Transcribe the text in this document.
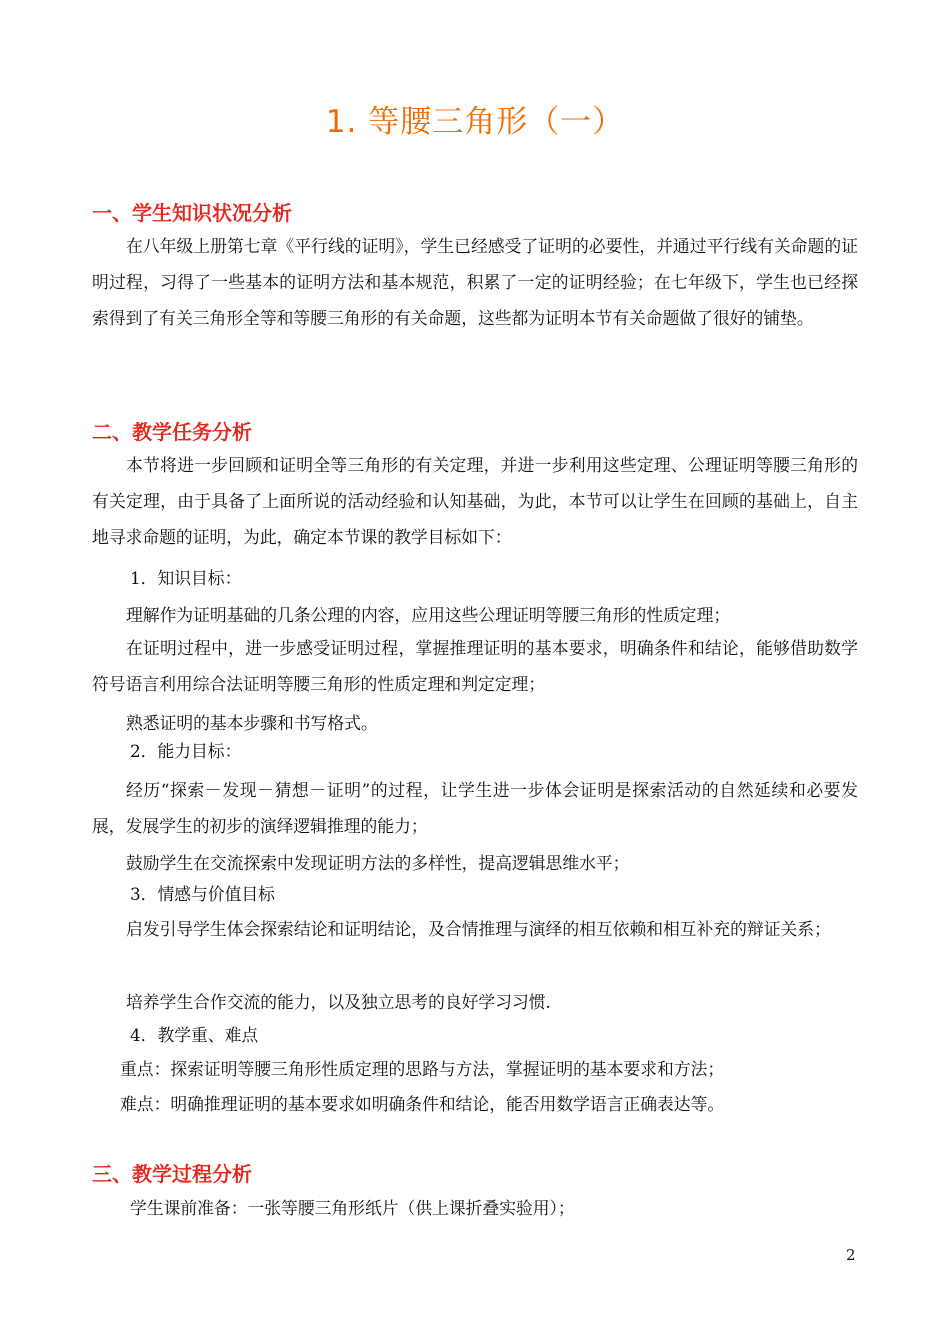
1. 等腰三角形（一）
一、学生知识状况分析

在八年级上册第七章《平行线的证明》，学生已经感受了证明的必要性，并通过平行线有关命题的证明过程，习得了一些基本的证明方法和基本规范，积累了一定的证明经验；在七年级下，学生也已经探索得到了有关三角形全等和等腰三角形的有关命题，这些都为证明本节有关命题做了很好的铺垫。

二、教学任务分析

本节将进一步回顾和证明全等三角形的有关定理，并进一步利用这些定理、公理证明等腰三角形的有关定理，由于具备了上面所说的活动经验和认知基础，为此，本节可以让学生在回顾的基础上，自主地寻求命题的证明，为此，确定本节课的教学目标如下：

1．知识目标：

理解作为证明基础的几条公理的内容，应用这些公理证明等腰三角形的性质定理；

在证明过程中，进一步感受证明过程，掌握推理证明的基本要求，明确条件和结论，能够借助数学符号语言利用综合法证明等腰三角形的性质定理和判定定理；

熟悉证明的基本步骤和书写格式。

2．能力目标：

经历“探索－发现－猜想－证明”的过程，让学生进一步体会证明是探索活动的自然延续和必要发展，发展学生的初步的演绎逻辑推理的能力；

鼓励学生在交流探索中发现证明方法的多样性，提高逻辑思维水平；

3．情感与价值目标

启发引导学生体会探索结论和证明结论，及合情推理与演绎的相互依赖和相互补充的辩证关系；

培养学生合作交流的能力，以及独立思考的良好学习习惯.

4．教学重、难点
重点：探索证明等腰三角形性质定理的思路与方法，掌握证明的基本要求和方法；
难点：明确推理证明的基本要求如明确条件和结论，能否用数学语言正确表达等。
三、教学过程分析
学生课前准备：一张等腰三角形纸片（供上课折叠实验用）；
2
